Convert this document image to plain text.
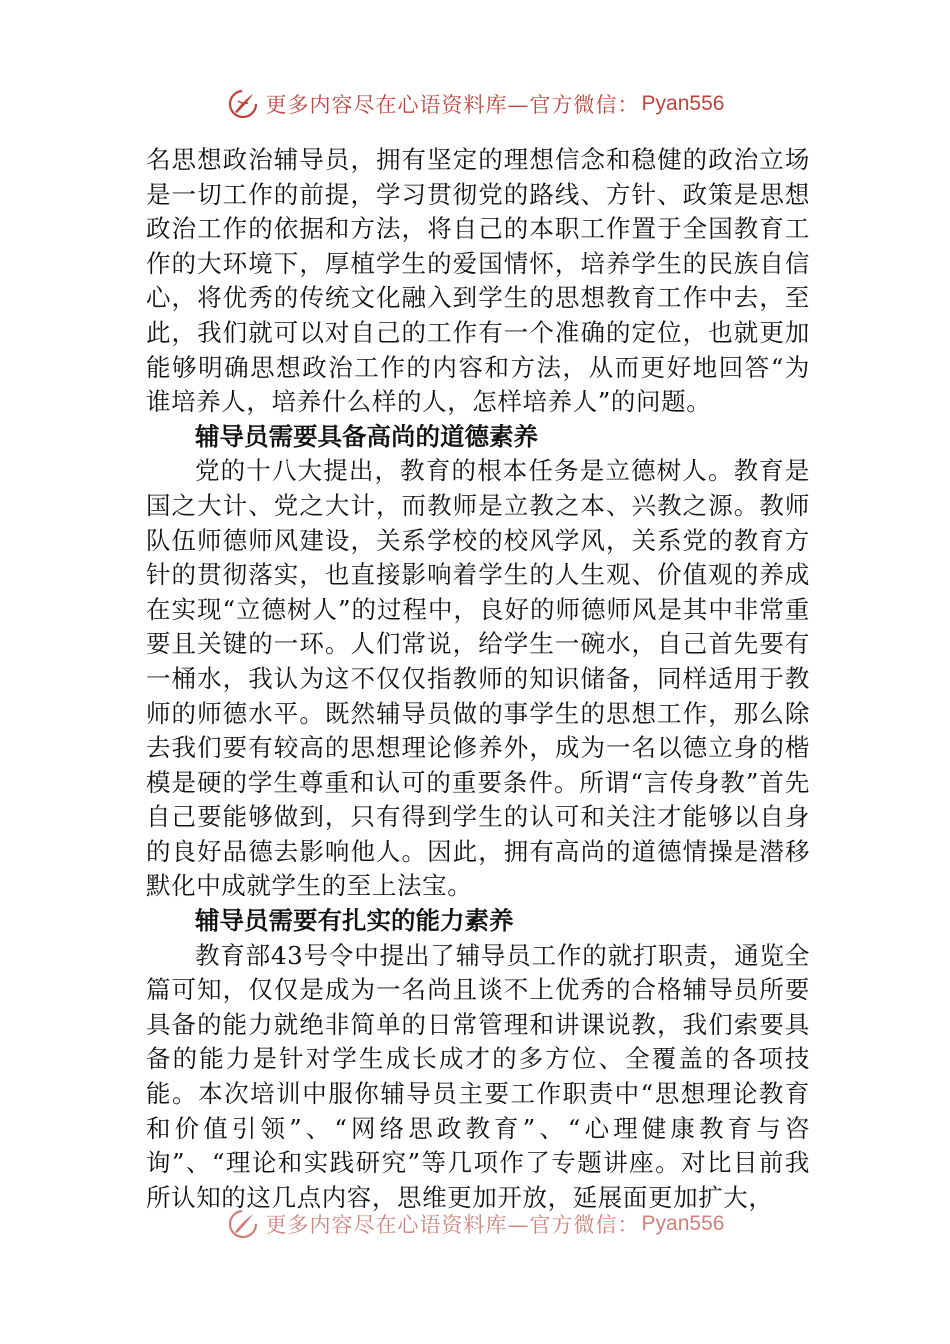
更多内容尽在心语资料库—官方微信： Pyan556

名思想政治辅导员，拥有坚定的理想信念和稳健的政治立场是一切工作的前提，学习贯彻党的路线、方针、政策是思想政治工作的依据和方法，将自己的本职工作置于全国教育工作的大环境下，厚植学生的爱国情怀，培养学生的民族自信心，将优秀的传统文化融入到学生的思想教育工作中去，至此，我们就可以对自己的工作有一个准确的定位，也就更加能够明确思想政治工作的内容和方法，从而更好地回答“为谁培养人，培养什么样的人，怎样培养人”的问题。

辅导员需要具备高尚的道德素养

党的十八大提出，教育的根本任务是立德树人。教育是国之大计、党之大计，而教师是立教之本、兴教之源。教师队伍师德师风建设，关系学校的校风学风，关系党的教育方针的贯彻落实，也直接影响着学生的人生观、价值观的养成在实现“立德树人”的过程中，良好的师德师风是其中非常重要且关键的一环。人们常说，给学生一碗水，自己首先要有一桶水，我认为这不仅仅指教师的知识储备，同样适用于教师的师德水平。既然辅导员做的事学生的思想工作，那么除去我们要有较高的思想理论修养外，成为一名以德立身的楷模是硬的学生尊重和认可的重要条件。所谓“言传身教”首先自己要能够做到，只有得到学生的认可和关注才能够以自身的良好品德去影响他人。因此，拥有高尚的道德情操是潜移默化中成就学生的至上法宝。

辅导员需要有扎实的能力素养

教育部43号令中提出了辅导员工作的就打职责，通览全篇可知，仅仅是成为一名尚且谈不上优秀的合格辅导员所要具备的能力就绝非简单的日常管理和讲课说教，我们索要具备的能力是针对学生成长成才的多方位、全覆盖的各项技能。本次培训中服你辅导员主要工作职责中“思想理论教育和价值引领”、“网络思政教育”、“心理健康教育与咨询”、“理论和实践研究”等几项作了专题讲座。对比目前我所认知的这几点内容，思维更加开放，延展面更加扩大，

更多内容尽在心语资料库—官方微信： Pyan556
